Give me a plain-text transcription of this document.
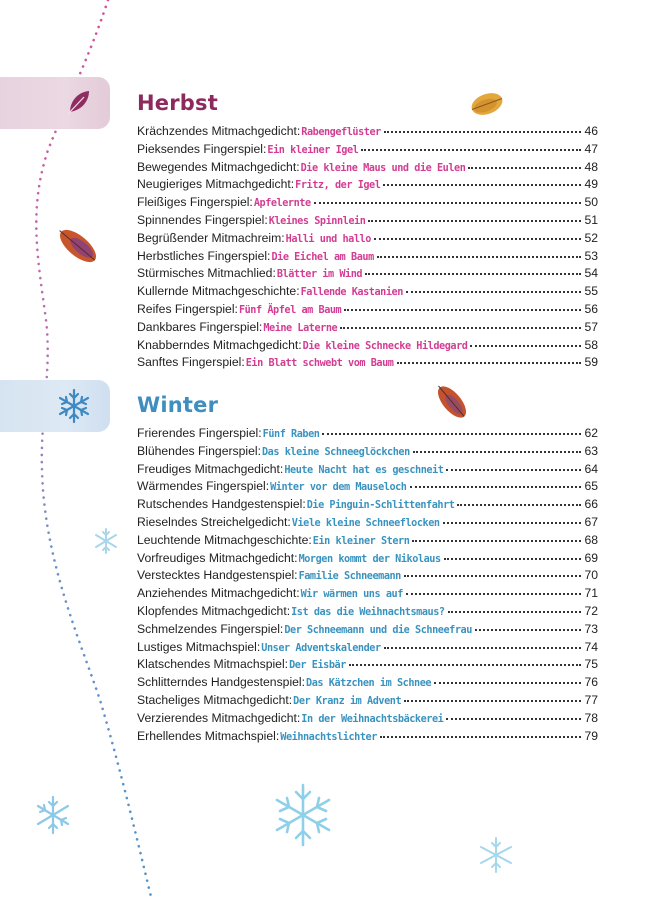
Herbst
Krächzendes Mitmachgedicht: Rabengeflüster	46
Pieksendes Fingerspiel: Ein kleiner Igel	47
Bewegendes Mitmachgedicht: Die kleine Maus und die Eulen	48
Neugieriges Mitmachgedicht: Fritz, der Igel	49
Fleißiges Fingerspiel: Apfelernte	50
Spinnendes Fingerspiel: Kleines Spinnlein	51
Begrüßender Mitmachreim: Halli und hallo	52
Herbstliches Fingerspiel: Die Eichel am Baum	53
Stürmisches Mitmachlied: Blätter im Wind	54
Kullernde Mitmachgeschichte: Fallende Kastanien	55
Reifes Fingerspiel: Fünf Äpfel am Baum	56
Dankbares Fingerspiel: Meine Laterne	57
Knabberndes Mitmachgedicht: Die kleine Schnecke Hildegard	58
Sanftes Fingerspiel: Ein Blatt schwebt vom Baum	59
Winter
Frierendes Fingerspiel: Fünf Raben	62
Blühendes Fingerspiel: Das kleine Schneeglöckchen	63
Freudiges Mitmachgedicht: Heute Nacht hat es geschneit	64
Wärmendes Fingerspiel: Winter vor dem Mauseloch	65
Rutschendes Handgestenspiel: Die Pinguin-Schlittenfahrt	66
Rieselndes Streichelgedicht: Viele kleine Schneeflocken	67
Leuchtende Mitmachgeschichte: Ein kleiner Stern	68
Vorfreudiges Mitmachgedicht: Morgen kommt der Nikolaus	69
Verstecktes Handgestenspiel: Familie Schneemann	70
Anziehendes Mitmachgedicht: Wir wärmen uns auf	71
Klopfendes Mitmachgedicht: Ist das die Weihnachtsmaus?	72
Schmelzendes Fingerspiel: Der Schneemann und die Schneefrau	73
Lustiges Mitmachspiel: Unser Adventskalender	74
Klatschendes Mitmachspiel: Der Eisbär	75
Schlitterndes Handgestenspiel: Das Kätzchen im Schnee	76
Stacheliges Mitmachgedicht: Der Kranz im Advent	77
Verzierendes Mitmachgedicht: In der Weihnachtsbäckerei	78
Erhellendes Mitmachspiel: Weihnachtslichter	79
